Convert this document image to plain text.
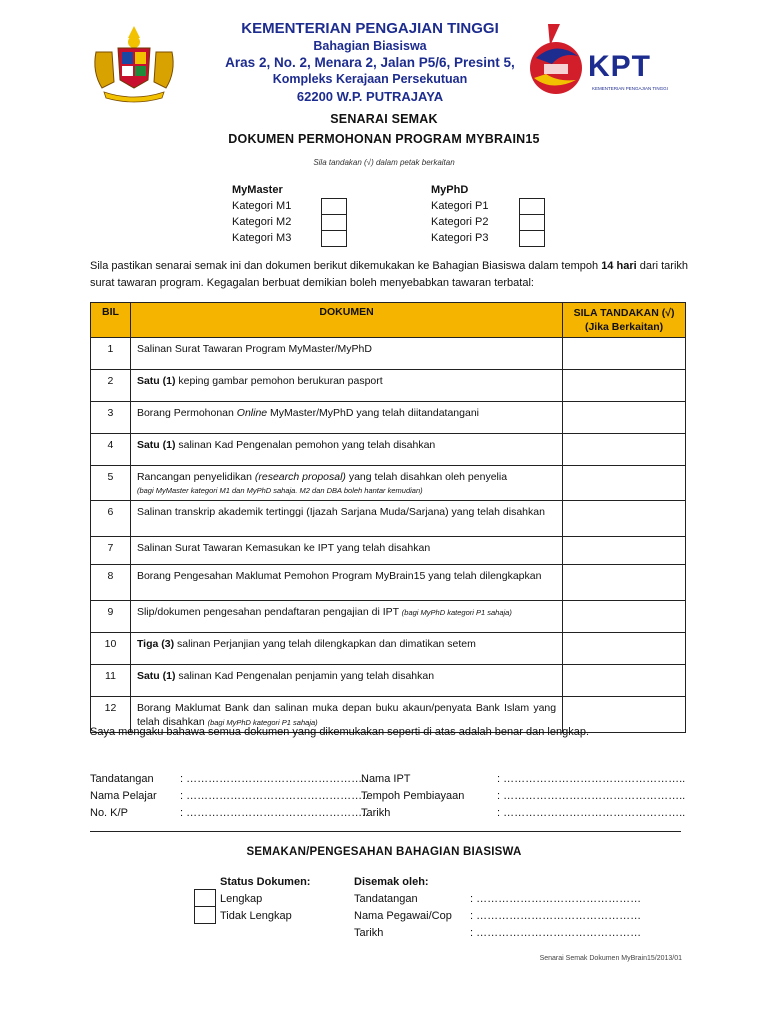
KEMENTERIAN PENGAJIAN TINGGI
Bahagian Biasiswa
Aras 2, No. 2, Menara 2, Jalan P5/6, Presint 5,
Kompleks Kerajaan Persekutuan
62200 W.P. PUTRAJAYA
KPT
KEMENTERIAN PENGAJIAN TINGGI
SENARAI SEMAK
DOKUMEN PERMOHONAN PROGRAM MYBRAIN15
Sila tandakan (√) dalam petak berkaitan
MyMaster
Kategori M1
Kategori M2
Kategori M3
MyPhD
Kategori P1
Kategori P2
Kategori P3
Sila pastikan senarai semak ini dan dokumen berikut dikemukakan ke Bahagian Biasiswa dalam tempoh 14 hari dari tarikh surat tawaran program. Kegagalan berbuat demikian boleh menyebabkan tawaran terbatal:
BIL	DOKUMEN	SILA TANDAKAN (√)
(Jika Berkaitan)

1	Salinan Surat Tawaran Program MyMaster/MyPhD	
2	Satu (1) keping gambar pemohon berukuran pasport	
3	Borang Permohonan Online MyMaster/MyPhD yang telah diitandatangani	
4	Satu (1) salinan Kad Pengenalan pemohon yang telah disahkan	
5	Rancangan penyelidikan (research proposal) yang telah disahkan oleh penyelia
(bagi MyMaster kategori M1 dan MyPhD sahaja. M2 dan DBA boleh hantar kemudian)	

6	Salinan transkrip akademik tertinggi (Ijazah Sarjana Muda/Sarjana) yang telah disahkan	
7	Salinan Surat Tawaran Kemasukan ke IPT yang telah disahkan	
8	Borang Pengesahan Maklumat Pemohon Program MyBrain15 yang telah dilengkapkan	
9	Slip/dokumen pengesahan pendaftaran pengajian di IPT (bagi MyPhD kategori P1 sahaja)	
10	Tiga (3) salinan Perjanjian yang telah dilengkapkan dan dimatikan setem	
11	Satu (1) salinan Kad Pengenalan penjamin yang telah disahkan	
12	Borang Maklumat Bank dan salinan muka depan buku akaun/penyata Bank Islam yang telah disahkan (bagi MyPhD kategori P1 sahaja)	
Saya mengaku bahawa semua dokumen yang dikemukakan seperti di atas adalah benar dan lengkap.
Tandatangan : …………………………………………..
Nama Pelajar : …………………………………………..
No. K/P	: …………………………………………..
Nama IPT	: …………………………………………..
Tempoh Pembiayaan	: …………………………………………..
Tarikh	: …………………………………………..
SEMAKAN/PENGESAHAN BAHAGIAN BIASISWA
Status Dokumen:
Lengkap
Tidak Lengkap
Disemak oleh:
Tandatangan	: ………………………………………
Nama Pegawai/Cop : ………………………………………
Tarikh	: ………………………………………
Senarai Semak Dokumen MyBrain15/2013/01
